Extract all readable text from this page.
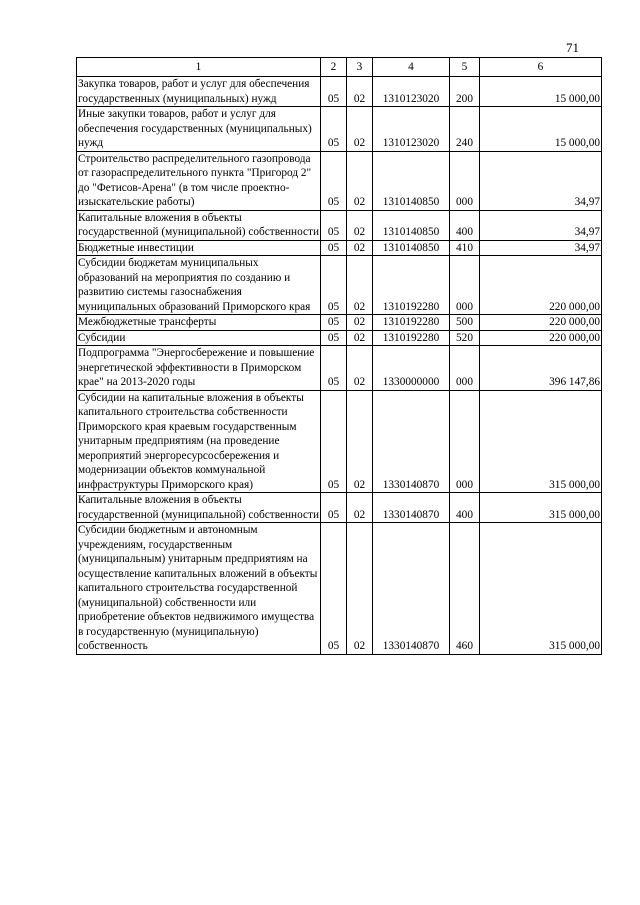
71
1	2	3	4	5	6
Закупка товаров, работ и услуг для обеспечения государственных (муниципальных) нужд	05	02	1310123020	200	15 000,00
Иные закупки товаров, работ и услуг для обеспечения государственных (муниципальных) нужд	05	02	1310123020	240	15 000,00
Строительство распределительного газопровода от газораспределительного пункта "Пригород 2" до "Фетисов-Арена" (в том числе проектно-изыскательские работы)	05	02	1310140850	000	34,97
Капитальные вложения в объекты государственной (муниципальной) собственности	05	02	1310140850	400	34,97
Бюджетные инвестиции	05	02	1310140850	410	34,97
Субсидии бюджетам муниципальных образований на мероприятия по созданию и развитию системы газоснабжения муниципальных образований Приморского края	05	02	1310192280	000	220 000,00
Межбюджетные трансферты	05	02	1310192280	500	220 000,00
Субсидии	05	02	1310192280	520	220 000,00
Подпрограмма "Энергосбережение и повышение энергетической эффективности в Приморском крае" на 2013-2020 годы	05	02	1330000000	000	396 147,86
Субсидии на капитальные вложения в объекты капитального строительства собственности Приморского края краевым государственным унитарным предприятиям (на проведение мероприятий энергоресурсосбережения и модернизации объектов коммунальной инфраструктуры Приморского края)	05	02	1330140870	000	315 000,00
Капитальные вложения в объекты государственной (муниципальной) собственности	05	02	1330140870	400	315 000,00
Субсидии бюджетным и автономным учреждениям, государственным (муниципальным) унитарным предприятиям на осуществление капитальных вложений в объекты капитального строительства государственной (муниципальной) собственности или приобретение объектов недвижимого имущества в государственную (муниципальную) собственность	05	02	1330140870	460	315 000,00
